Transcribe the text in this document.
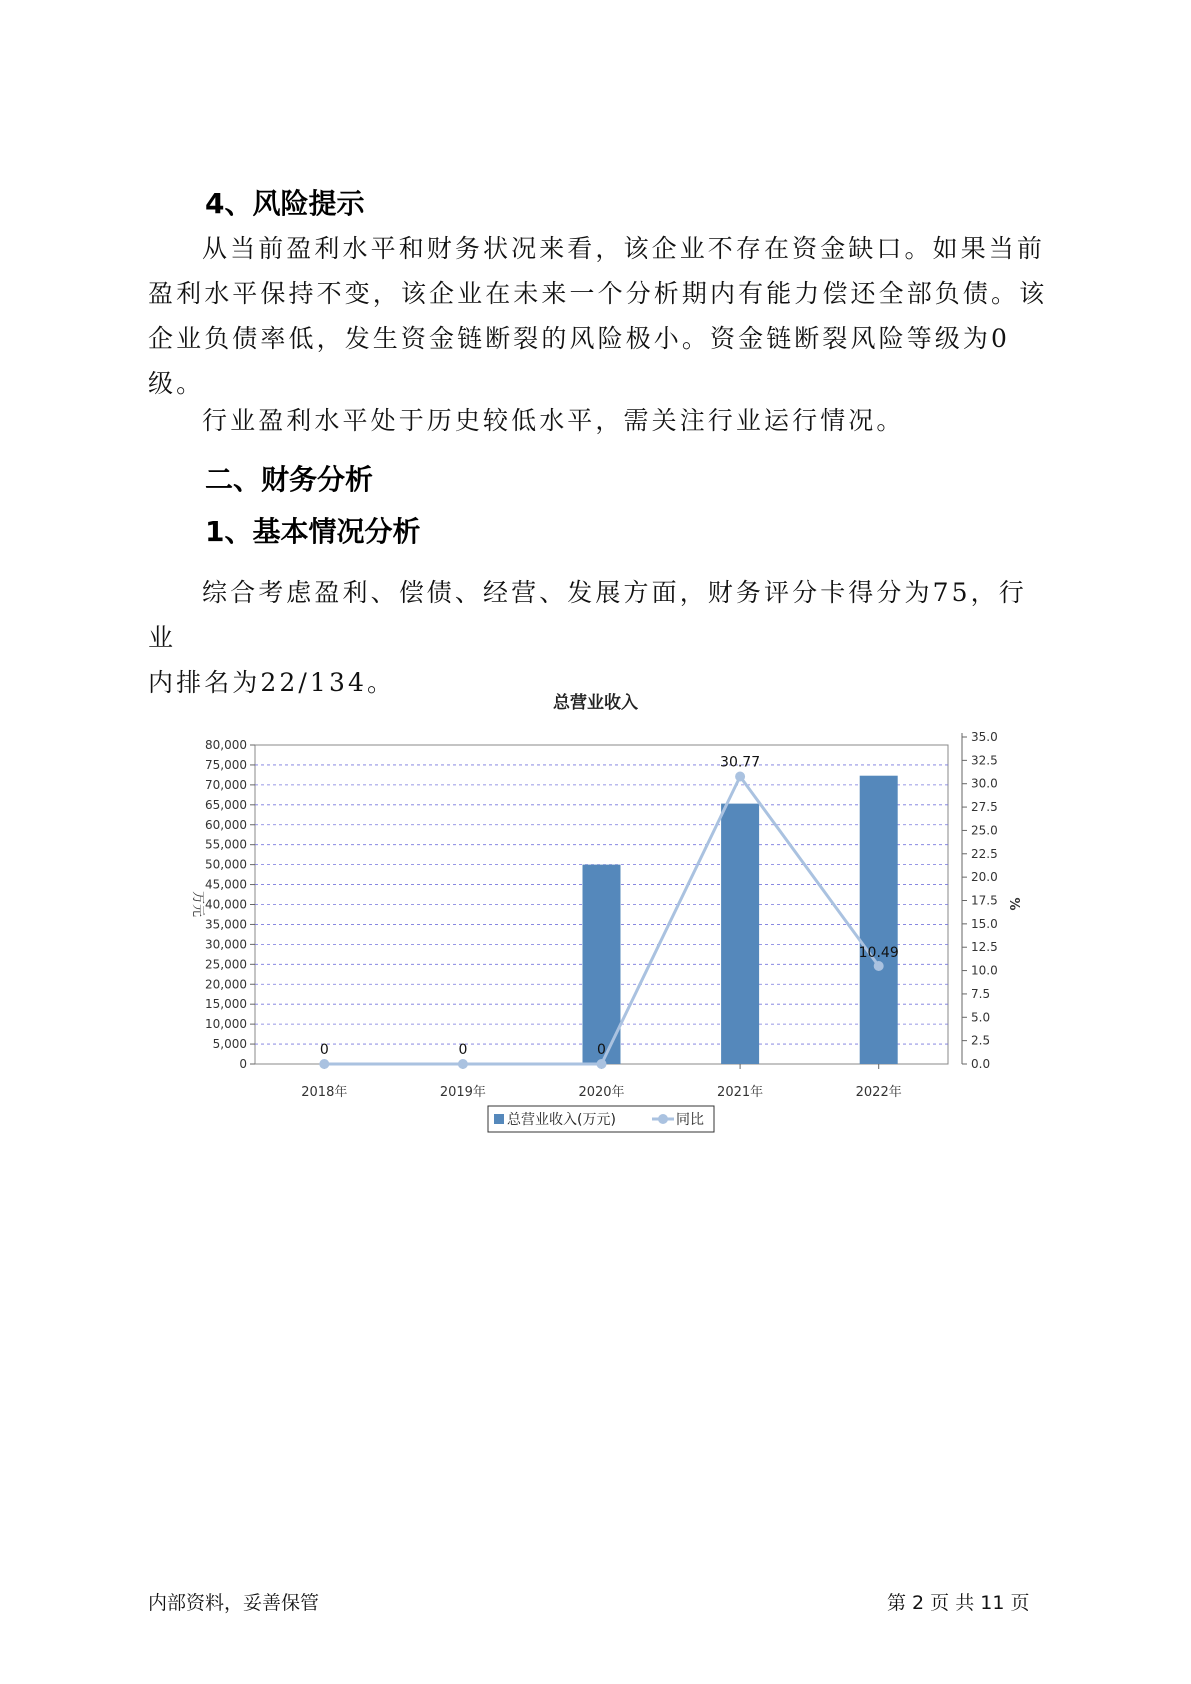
4、风险提示

从当前盈利水平和财务状况来看，该企业不存在资金缺口。如果当前
盈利水平保持不变，该企业在未来一个分析期内有能力偿还全部负债。该
企业负债率低，发生资金链断裂的风险极小。资金链断裂风险等级为0级。

行业盈利水平处于历史较低水平，需关注行业运行情况。

二、财务分析
1、基本情况分析

综合考虑盈利、偿债、经营、发展方面，财务评分卡得分为75，行业
内排名为22/134。

总营业收入
0
5,000
10,000
15,000
20,000
25,000
30,000
35,000
40,000
45,000
50,000
55,000
60,000
65,000
70,000
75,000
80,000
0.0
2.5
5.0
7.5
10.0
12.5
15.0
17.5
20.0
22.5
25.0
27.5
30.0
32.5
35.0
万元	%
2018年	2019年	2020年	2021年	2022年
0	0	0
30.77
10.49
总营业收入(万元)	同比
内部资料，妥善保管	第 2 页 共 11 页
